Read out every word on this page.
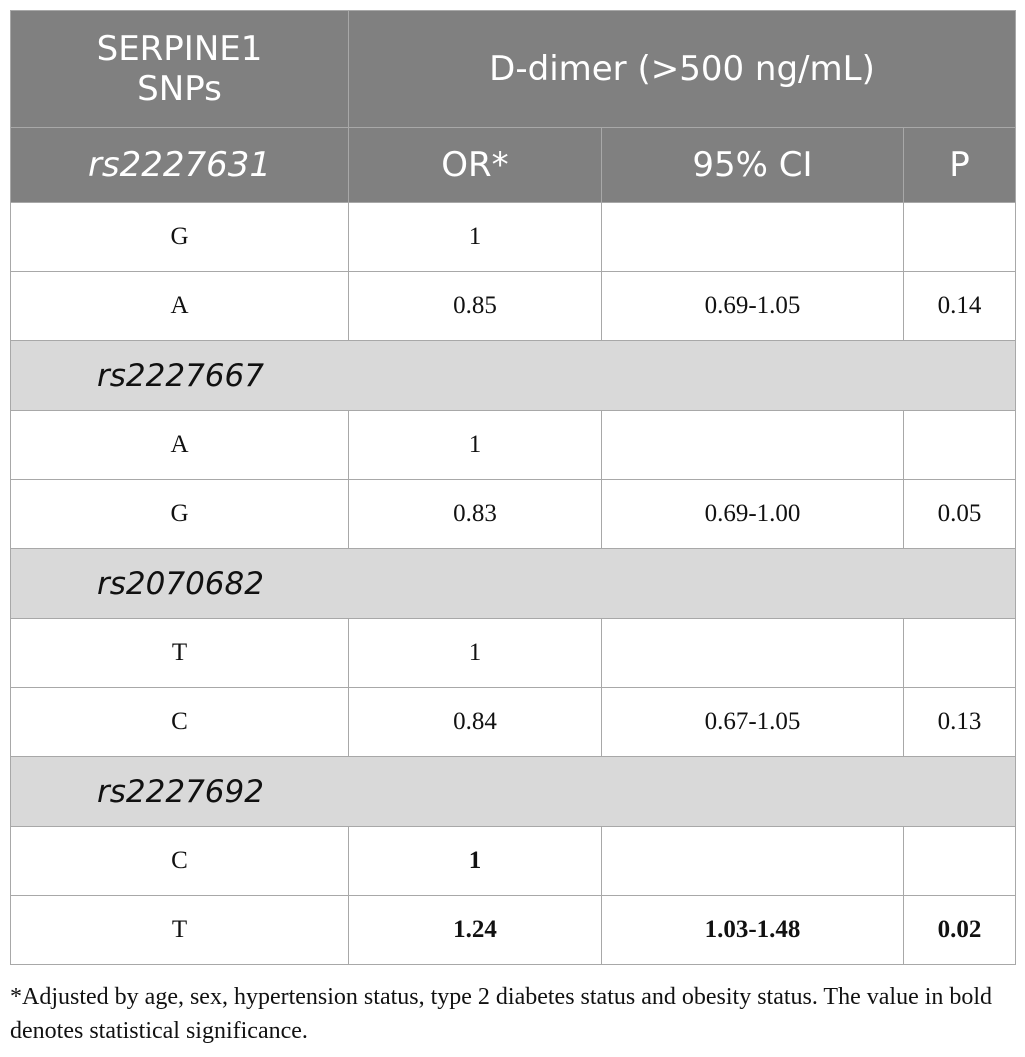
SERPINE1
SNPs	D-dimer (>500 ng/mL)		
rs2227631	OR*	95% CI	P
G	1		
A	0.85	0.69-1.05	0.14
rs2227667			
A	1		
G	0.83	0.69-1.00	0.05
rs2070682			
T	1		
C	0.84	0.67-1.05	0.13
rs2227692			
C	1		
T	1.24	1.03-1.48	0.02
*Adjusted by age, sex, hypertension status, type 2 diabetes status and obesity status. The value in bold denotes statistical significance.
